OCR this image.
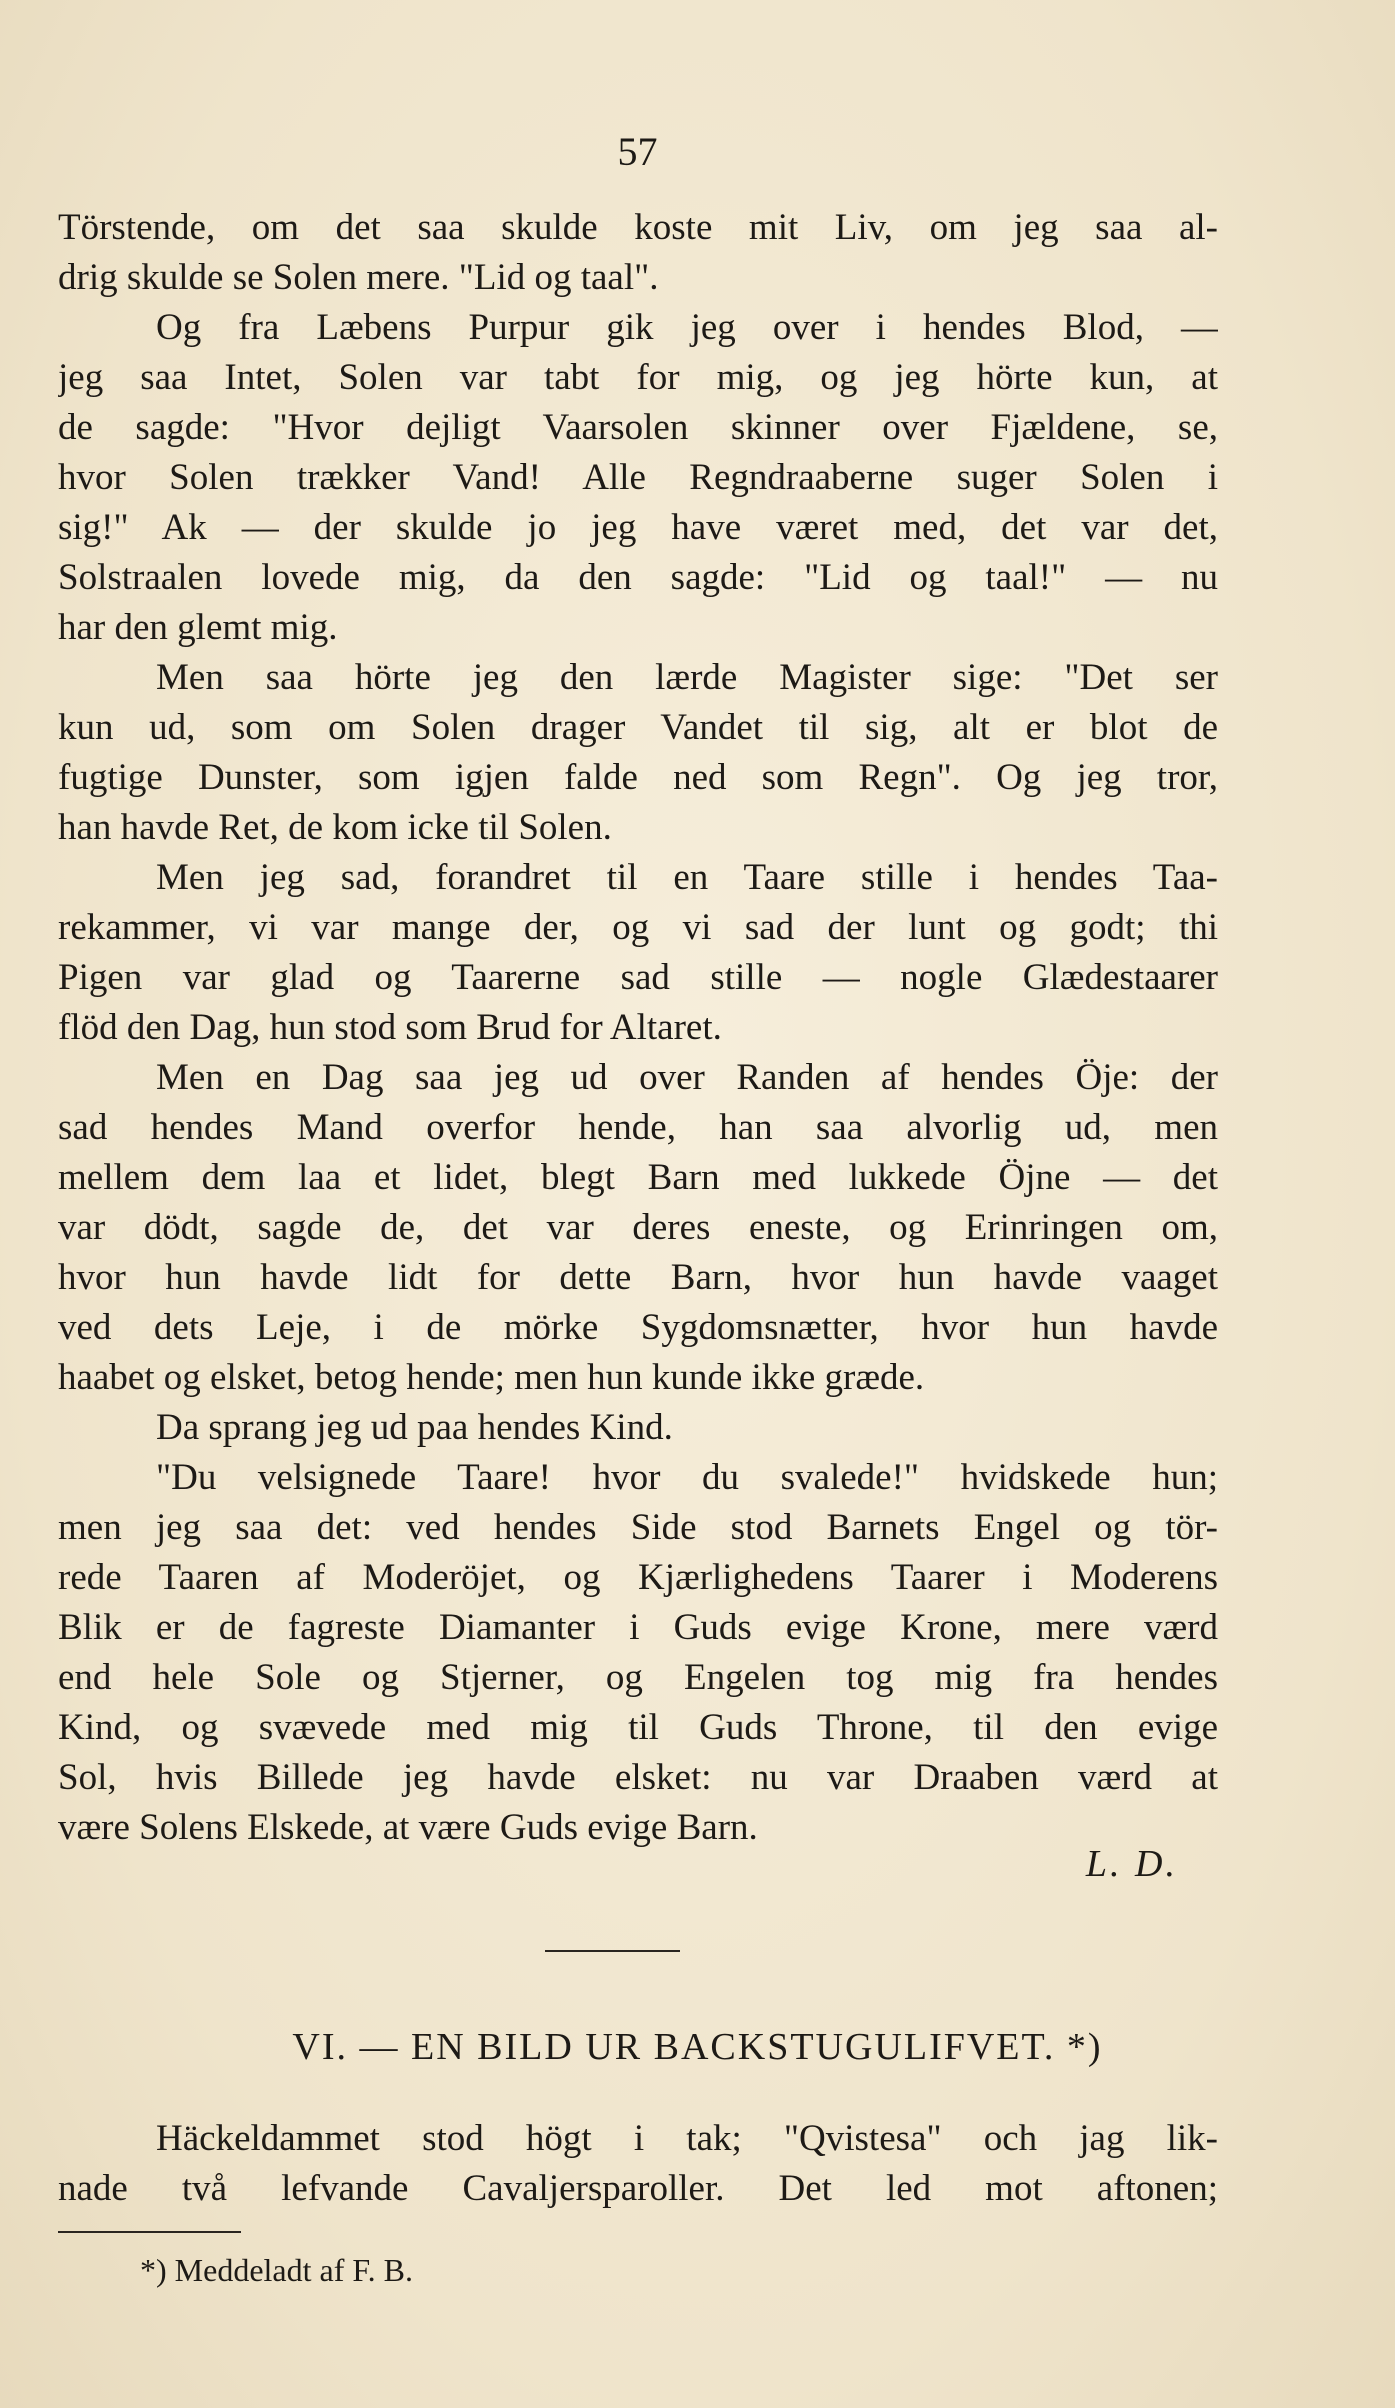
57
Törstende, om det saa skulde koste mit Liv, om jeg saa al-
drig skulde se Solen mere. "Lid og taal".
Og fra Læbens Purpur gik jeg over i hendes Blod, —
jeg saa Intet, Solen var tabt for mig, og jeg hörte kun, at
de sagde: "Hvor dejligt Vaarsolen skinner over Fjældene, se,
hvor Solen trækker Vand! Alle Regndraaberne suger Solen i
sig!" Ak — der skulde jo jeg have været med, det var det,
Solstraalen lovede mig, da den sagde: "Lid og taal!" — nu
har den glemt mig.
Men saa hörte jeg den lærde Magister sige: "Det ser
kun ud, som om Solen drager Vandet til sig, alt er blot de
fugtige Dunster, som igjen falde ned som Regn". Og jeg tror,
han havde Ret, de kom icke til Solen.
Men jeg sad, forandret til en Taare stille i hendes Taa-
rekammer, vi var mange der, og vi sad der lunt og godt; thi
Pigen var glad og Taarerne sad stille — nogle Glædestaarer
flöd den Dag, hun stod som Brud for Altaret.
Men en Dag saa jeg ud over Randen af hendes Öje: der
sad hendes Mand overfor hende, han saa alvorlig ud, men
mellem dem laa et lidet, blegt Barn med lukkede Öjne — det
var dödt, sagde de, det var deres eneste, og Erinringen om,
hvor hun havde lidt for dette Barn, hvor hun havde vaaget
ved dets Leje, i de mörke Sygdomsnætter, hvor hun havde
haabet og elsket, betog hende; men hun kunde ikke græde.
Da sprang jeg ud paa hendes Kind.
"Du velsignede Taare! hvor du svalede!" hvidskede hun;
men jeg saa det: ved hendes Side stod Barnets Engel og tör-
rede Taaren af Moderöjet, og Kjærlighedens Taarer i Moderens
Blik er de fagreste Diamanter i Guds evige Krone, mere værd
end hele Sole og Stjerner, og Engelen tog mig fra hendes
Kind, og svævede med mig til Guds Throne, til den evige
Sol, hvis Billede jeg havde elsket: nu var Draaben værd at
være Solens Elskede, at være Guds evige Barn.
L. D.
VI. — EN BILD UR BACKSTUGULIFVET. *)
Häckeldammet stod högt i tak; "Qvistesa" och jag lik-
nade två lefvande Cavaljersparoller. Det led mot aftonen;
*) Meddeladt af F. B.
